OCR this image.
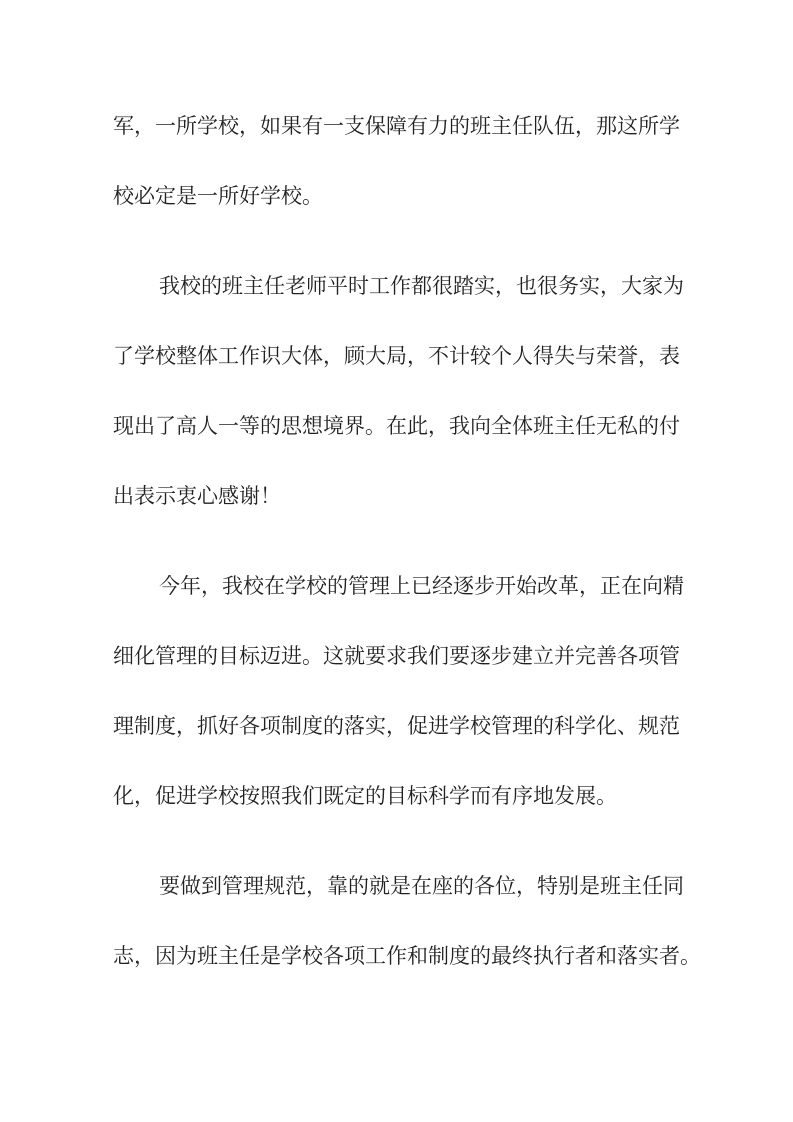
军，一所学校，如果有一支保障有力的班主任队伍，那这所学
校必定是一所好学校。
我校的班主任老师平时工作都很踏实，也很务实，大家为
了学校整体工作识大体，顾大局，不计较个人得失与荣誉，表
现出了高人一等的思想境界。在此，我向全体班主任无私的付
出表示衷心感谢！
今年，我校在学校的管理上已经逐步开始改革，正在向精
细化管理的目标迈进。这就要求我们要逐步建立并完善各项管
理制度，抓好各项制度的落实，促进学校管理的科学化、规范
化，促进学校按照我们既定的目标科学而有序地发展。
要做到管理规范，靠的就是在座的各位，特别是班主任同
志，因为班主任是学校各项工作和制度的最终执行者和落实者。
